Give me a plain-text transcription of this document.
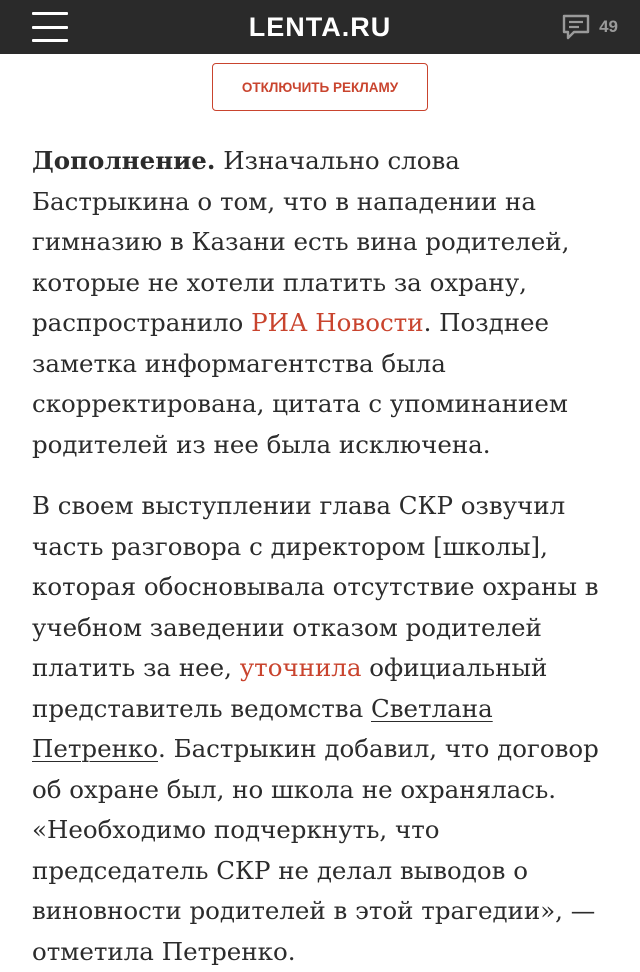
LENTA.RU	49
ОТКЛЮЧИТЬ РЕКЛАМУ

Дополнение. Изначально слова Бастрыкина о том, что в нападении на гимназию в Казани есть вина родителей, которые не хотели платить за охрану, распространило РИА Новости. Позднее заметка информагентства была скорректирована, цитата с упоминанием родителей из нее была исключена.

В своем выступлении глава СКР озвучил часть разговора с директором [школы], которая обосновывала отсутствие охраны в учебном заведении отказом родителей платить за нее, уточнила официальный представитель ведомства Светлана Петренко. Бастрыкин добавил, что договор об охране был, но школа не охранялась. «Необходимо подчеркнуть, что председатель СКР не делал выводов о виновности родителей в этой трагедии», — отметила Петренко.
